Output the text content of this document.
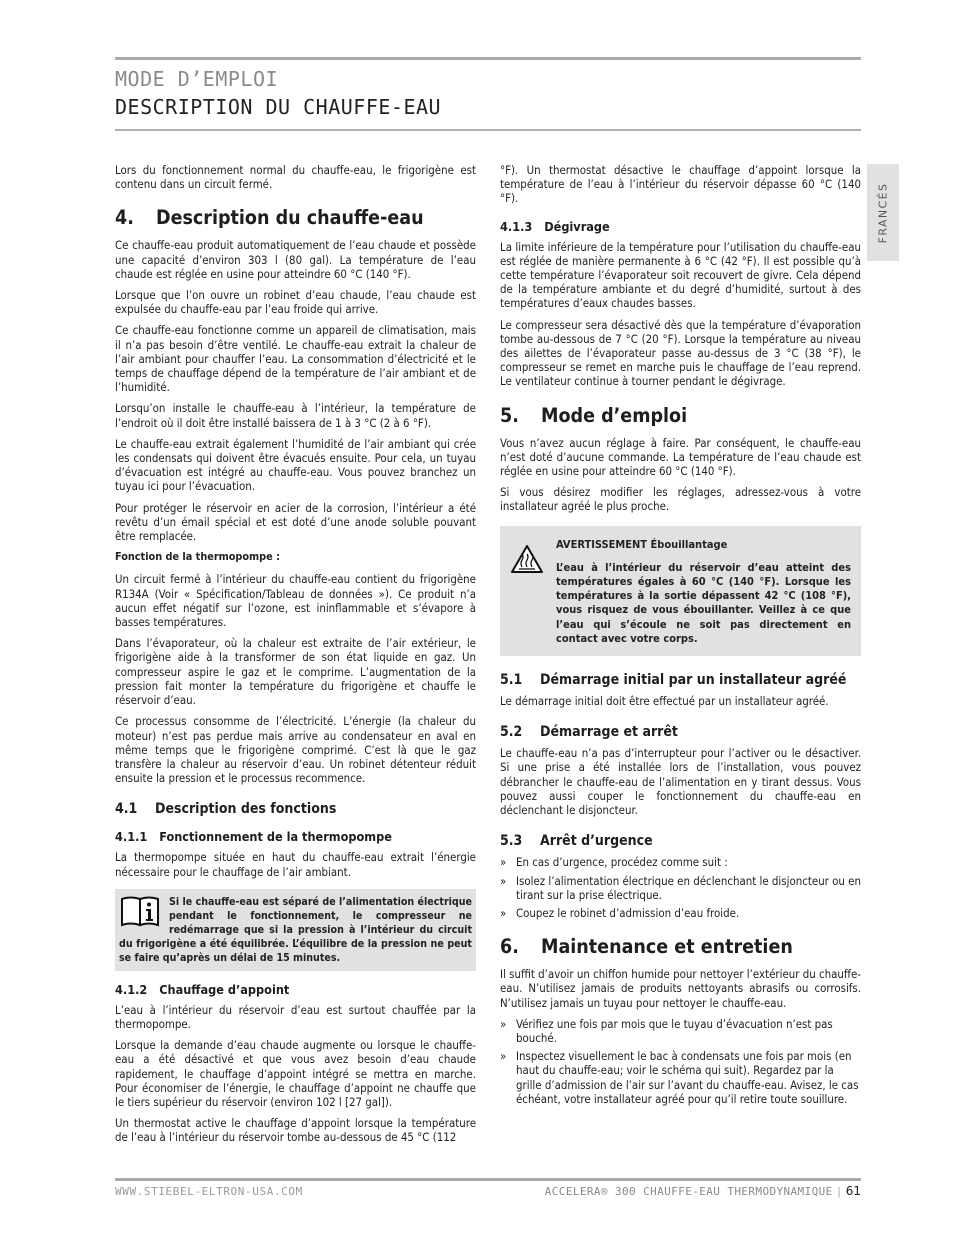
MODE D’EMPLOI
DESCRIPTION DU CHAUFFE-EAU
FRANCÉS

Lors du fonctionnement normal du chauffe-eau, le frigorigène est contenu dans un circuit fermé.

4.	Description du chauffe-eau

Ce chauffe-eau produit automatiquement de l’eau chaude et possède une capacité d’environ 303 l (80 gal). La température de l’eau chaude est réglée en usine pour atteindre 60 °C (140 °F).

Lorsque que l’on ouvre un robinet d’eau chaude, l’eau chaude est expulsée du chauffe-eau par l’eau froide qui arrive.

Ce chauffe-eau fonctionne comme un appareil de climatisation, mais il n’a pas besoin d’être ventilé. Le chauffe-eau extrait la chaleur de l’air ambiant pour chauffer l’eau. La consommation d’électricité et le temps de chauffage dépend de la température de l’air ambiant et de l’humidité.

Lorsqu’on installe le chauffe-eau à l’intérieur, la température de l’endroit où il doit être installé baissera de 1 à 3 °C (2 à 6 °F).

Le chauffe-eau extrait également l’humidité de l’air ambiant qui crée les condensats qui doivent être évacués ensuite. Pour cela, un tuyau d’évacuation est intégré au chauffe-eau. Vous pouvez branchez un tuyau ici pour l’évacuation.

Pour protéger le réservoir en acier de la corrosion, l’intérieur a été revêtu d’un émail spécial et est doté d’une anode soluble pouvant être remplacée.

Fonction de la thermopompe :

Un circuit fermé à l’intérieur du chauffe-eau contient du frigorigène R134A (Voir « Spécification/Tableau de données »). Ce produit n’a aucun effet négatif sur l’ozone, est ininflammable et s’évapore à basses températures.

Dans l’évaporateur, où la chaleur est extraite de l’air extérieur, le frigorigène aide à la transformer de son état liquide en gaz. Un compresseur aspire le gaz et le comprime. L’augmentation de la pression fait monter la température du frigorigène et chauffe le réservoir d’eau.

Ce processus consomme de l’électricité. L’énergie (la chaleur du moteur) n’est pas perdue mais arrive au condensateur en aval en même temps que le frigorigène comprimé. C’est là que le gaz transfère la chaleur au réservoir d’eau. Un robinet détenteur réduit ensuite la pression et le processus recommence.

4.1	Description des fonctions
4.1.1 Fonctionnement de la thermopompe

La thermopompe située en haut du chauffe-eau extrait l’énergie nécessaire pour le chauffage de l’air ambiant.

Si le chauffe-eau est séparé de l’alimentation électrique pendant le fonctionnement, le compresseur ne redémarrage que si la pression à l’intérieur du circuit du frigorigène a été équilibrée. L’équilibre de la pression ne peut se faire qu’après un délai de 15 minutes.
4.1.2 Chauffage d’appoint

L’eau à l’intérieur du réservoir d’eau est surtout chauffée par la thermopompe.

Lorsque la demande d’eau chaude augmente ou lorsque le chauffe-eau a été désactivé et que vous avez besoin d’eau chaude rapidement, le chauffage d’appoint intégré se mettra en marche. Pour économiser de l’énergie, le chauffage d’appoint ne chauffe que le tiers supérieur du réservoir (environ 102 l [27 gal]).

Un thermostat active le chauffage d’appoint lorsque la température de l’eau à l’intérieur du réservoir tombe au-dessous de 45 °C (112

°F). Un thermostat désactive le chauffage d’appoint lorsque la température de l’eau à l’intérieur du réservoir dépasse 60 °C (140 °F).

4.1.3 Dégivrage

La limite inférieure de la température pour l’utilisation du chauffe-eau est réglée de manière permanente à 6 °C (42 °F). Il est possible qu’à cette température l’évaporateur soit recouvert de givre. Cela dépend de la température ambiante et du degré d’humidité, surtout à des températures d’eaux chaudes basses.

Le compresseur sera désactivé dès que la température d’évaporation tombe au-dessous de 7 °C (20 °F). Lorsque la température au niveau des ailettes de l’évaporateur passe au-dessus de 3 °C (38 °F), le compresseur se remet en marche puis le chauffage de l’eau reprend. Le ventilateur continue à tourner pendant le dégivrage.

5.	Mode d’emploi

Vous n’avez aucun réglage à faire. Par conséquent, le chauffe-eau n’est doté d’aucune commande. La température de l’eau chaude est réglée en usine pour atteindre 60 °C (140 °F).

Si vous désirez modifier les réglages, adressez-vous à votre installateur agréé le plus proche.

AVERTISSEMENT Ébouillantage
L’eau à l’intérieur du réservoir d’eau atteint des températures égales à 60 °C (140 °F). Lorsque les températures à la sortie dépassent 42 °C (108 °F), vous risquez de vous ébouillanter. Veillez à ce que l’eau qui s’écoule ne soit pas directement en contact avec votre corps.
5.1	Démarrage initial par un installateur agréé

Le démarrage initial doit être effectué par un installateur agréé.

5.2	Démarrage et arrêt

Le chauffe-eau n’a pas d’interrupteur pour l’activer ou le désactiver. Si une prise a été installée lors de l’installation, vous pouvez débrancher le chauffe-eau de l’alimentation en y tirant dessus. Vous pouvez aussi couper le fonctionnement du chauffe-eau en déclenchant le disjoncteur.

5.3	Arrêt d’urgence
» En cas d’urgence, procédez comme suit :
» Isolez l’alimentation électrique en déclenchant le disjoncteur ou en tirant sur la prise électrique.
» Coupez le robinet d’admission d’eau froide.
6.	Maintenance et entretien

Il suffit d’avoir un chiffon humide pour nettoyer l’extérieur du chauffe-eau. N’utilisez jamais de produits nettoyants abrasifs ou corrosifs. N’utilisez jamais un tuyau pour nettoyer le chauffe-eau.

» Vérifiez une fois par mois que le tuyau d’évacuation n’est pas bouché.
» Inspectez visuellement le bac à condensats une fois par mois (en haut du chauffe-eau; voir le schéma qui suit). Regardez par la grille d’admission de l’air sur l’avant du chauffe-eau. Avisez, le cas échéant, votre installateur agréé pour qu’il retire toute souillure.
WWW.STIEBEL-ELTRON-USA.COM	ACCELERA® 300 CHAUFFE-EAU THERMODYNAMIQUE | 61
